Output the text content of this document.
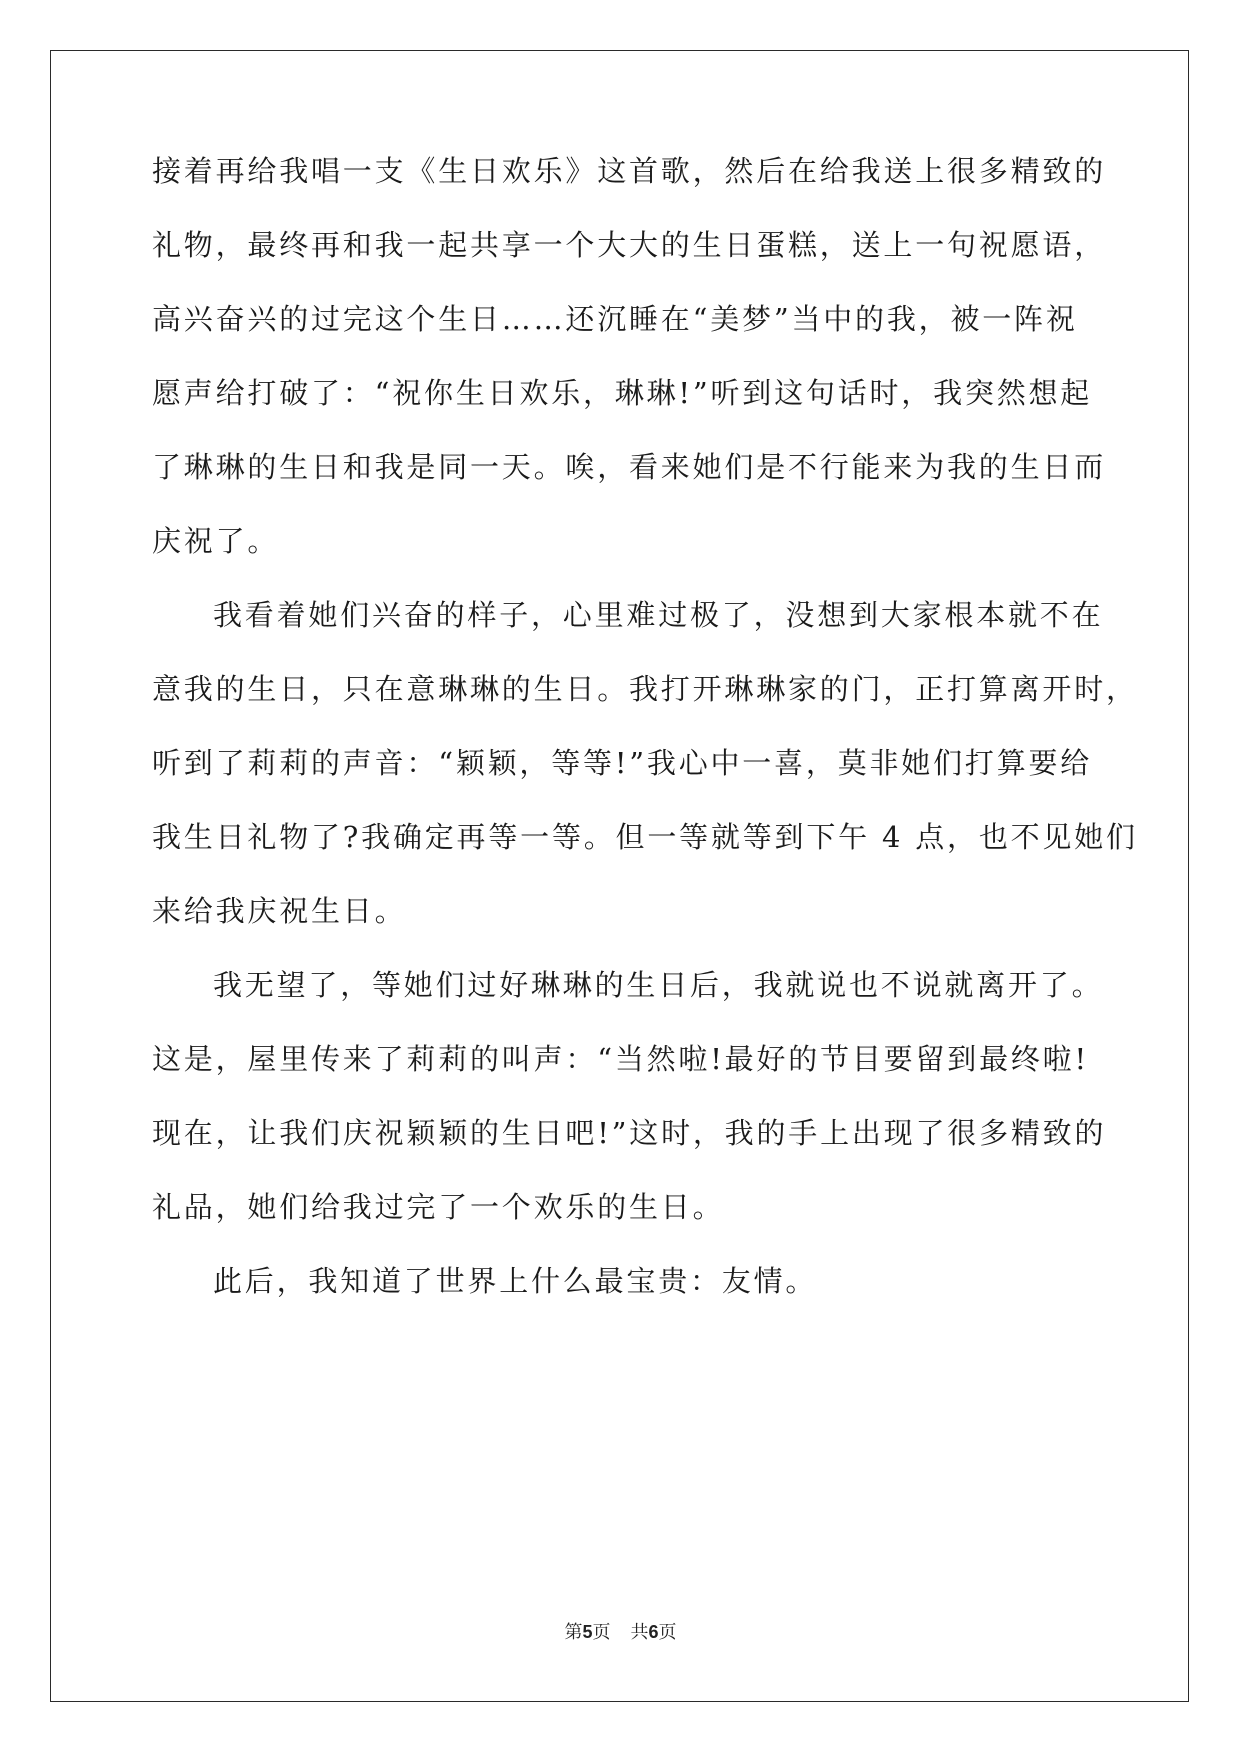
接着再给我唱一支《生日欢乐》这首歌，然后在给我送上很多精致的
礼物，最终再和我一起共享一个大大的生日蛋糕，送上一句祝愿语，
高兴奋兴的过完这个生日……还沉睡在“美梦”当中的我，被一阵祝
愿声给打破了：“祝你生日欢乐，琳琳!”听到这句话时，我突然想起
了琳琳的生日和我是同一天。唉，看来她们是不行能来为我的生日而
庆祝了。
我看着她们兴奋的样子，心里难过极了，没想到大家根本就不在
意我的生日，只在意琳琳的生日。我打开琳琳家的门，正打算离开时，
听到了莉莉的声音：“颖颖，等等!”我心中一喜，莫非她们打算要给
我生日礼物了?我确定再等一等。但一等就等到下午 4 点，也不见她们
来给我庆祝生日。
我无望了，等她们过好琳琳的生日后，我就说也不说就离开了。
这是，屋里传来了莉莉的叫声：“当然啦!最好的节目要留到最终啦!
现在，让我们庆祝颖颖的生日吧!”这时，我的手上出现了很多精致的
礼品，她们给我过完了一个欢乐的生日。
此后，我知道了世界上什么最宝贵：友情。
第5页 共6页
